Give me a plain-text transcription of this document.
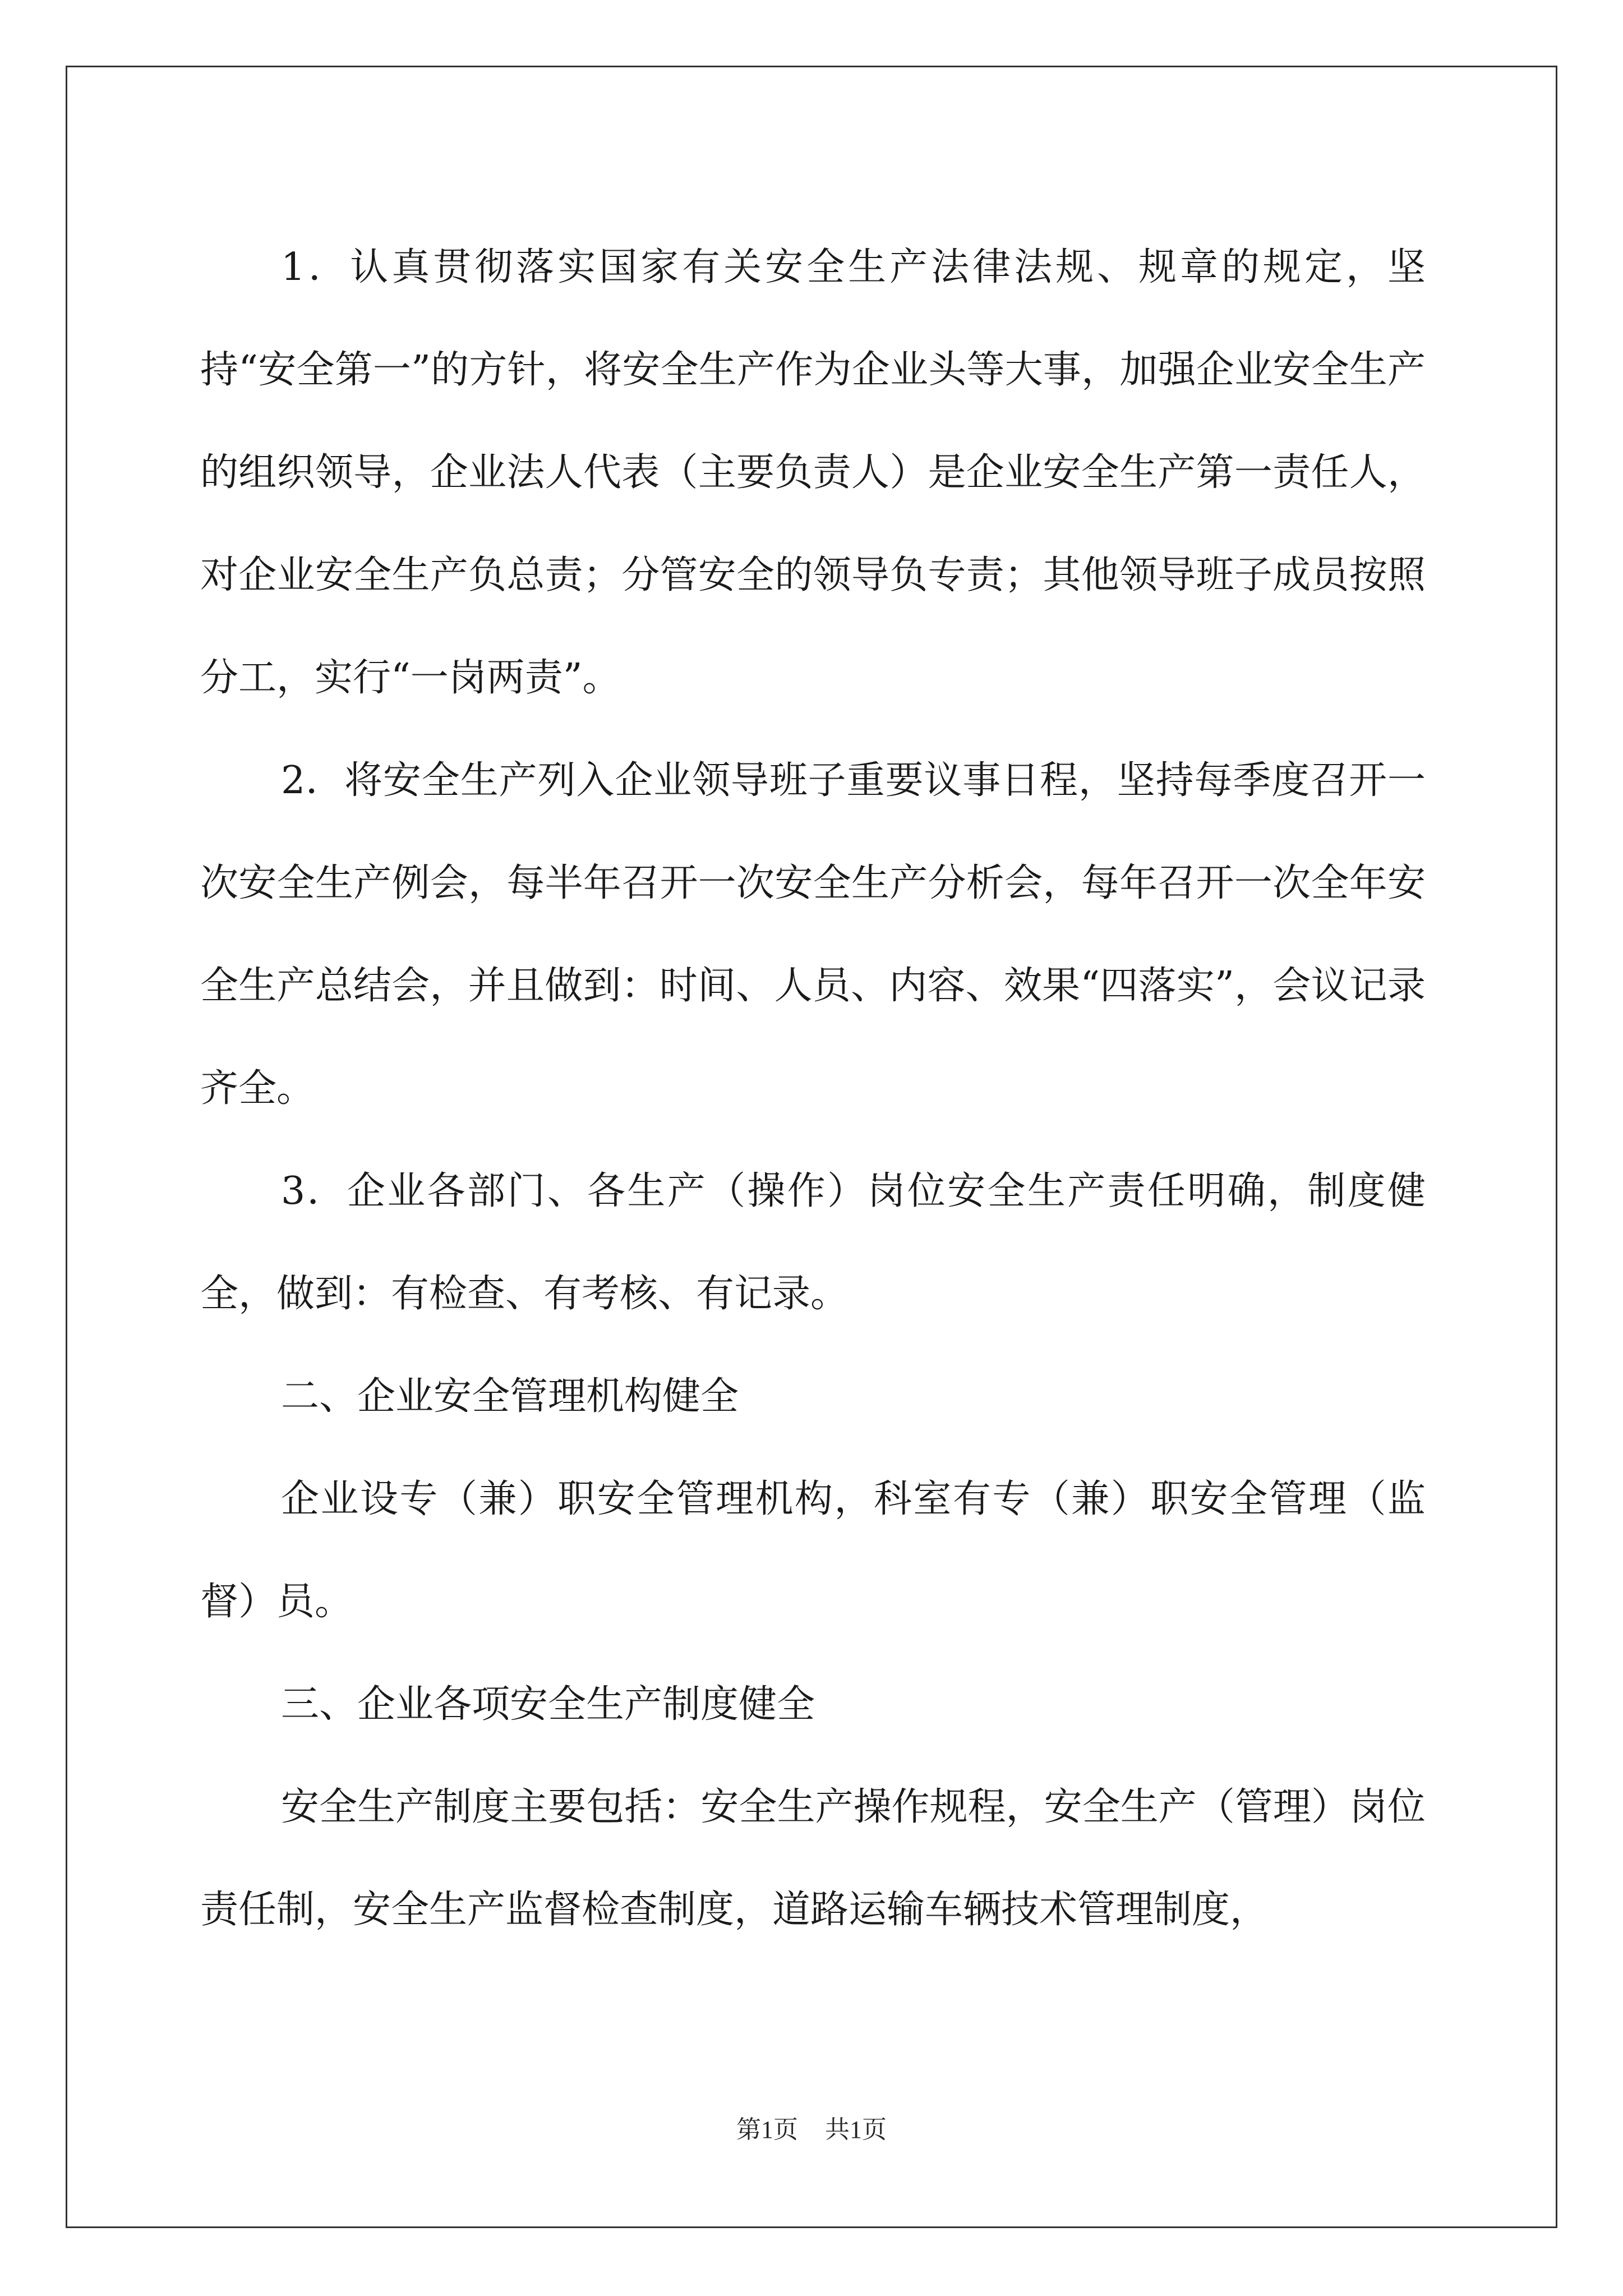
1．认真贯彻落实国家有关安全生产法律法规、规章的规定，坚持“安全第一”的方针，将安全生产作为企业头等大事，加强企业安全生产的组织领导，企业法人代表（主要负责人）是企业安全生产第一责任人，对企业安全生产负总责；分管安全的领导负专责；其他领导班子成员按照分工，实行“一岗两责”。

2．将安全生产列入企业领导班子重要议事日程，坚持每季度召开一次安全生产例会，每半年召开一次安全生产分析会，每年召开一次全年安全生产总结会，并且做到：时间、人员、内容、效果“四落实”，会议记录齐全。

3．企业各部门、各生产（操作）岗位安全生产责任明确，制度健全，做到：有检查、有考核、有记录。

二、企业安全管理机构健全

企业设专（兼）职安全管理机构，科室有专（兼）职安全管理（监督）员。

三、企业各项安全生产制度健全

安全生产制度主要包括：安全生产操作规程，安全生产（管理）岗位责任制，安全生产监督检查制度，道路运输车辆技术管理制度，

第1页 共1页
